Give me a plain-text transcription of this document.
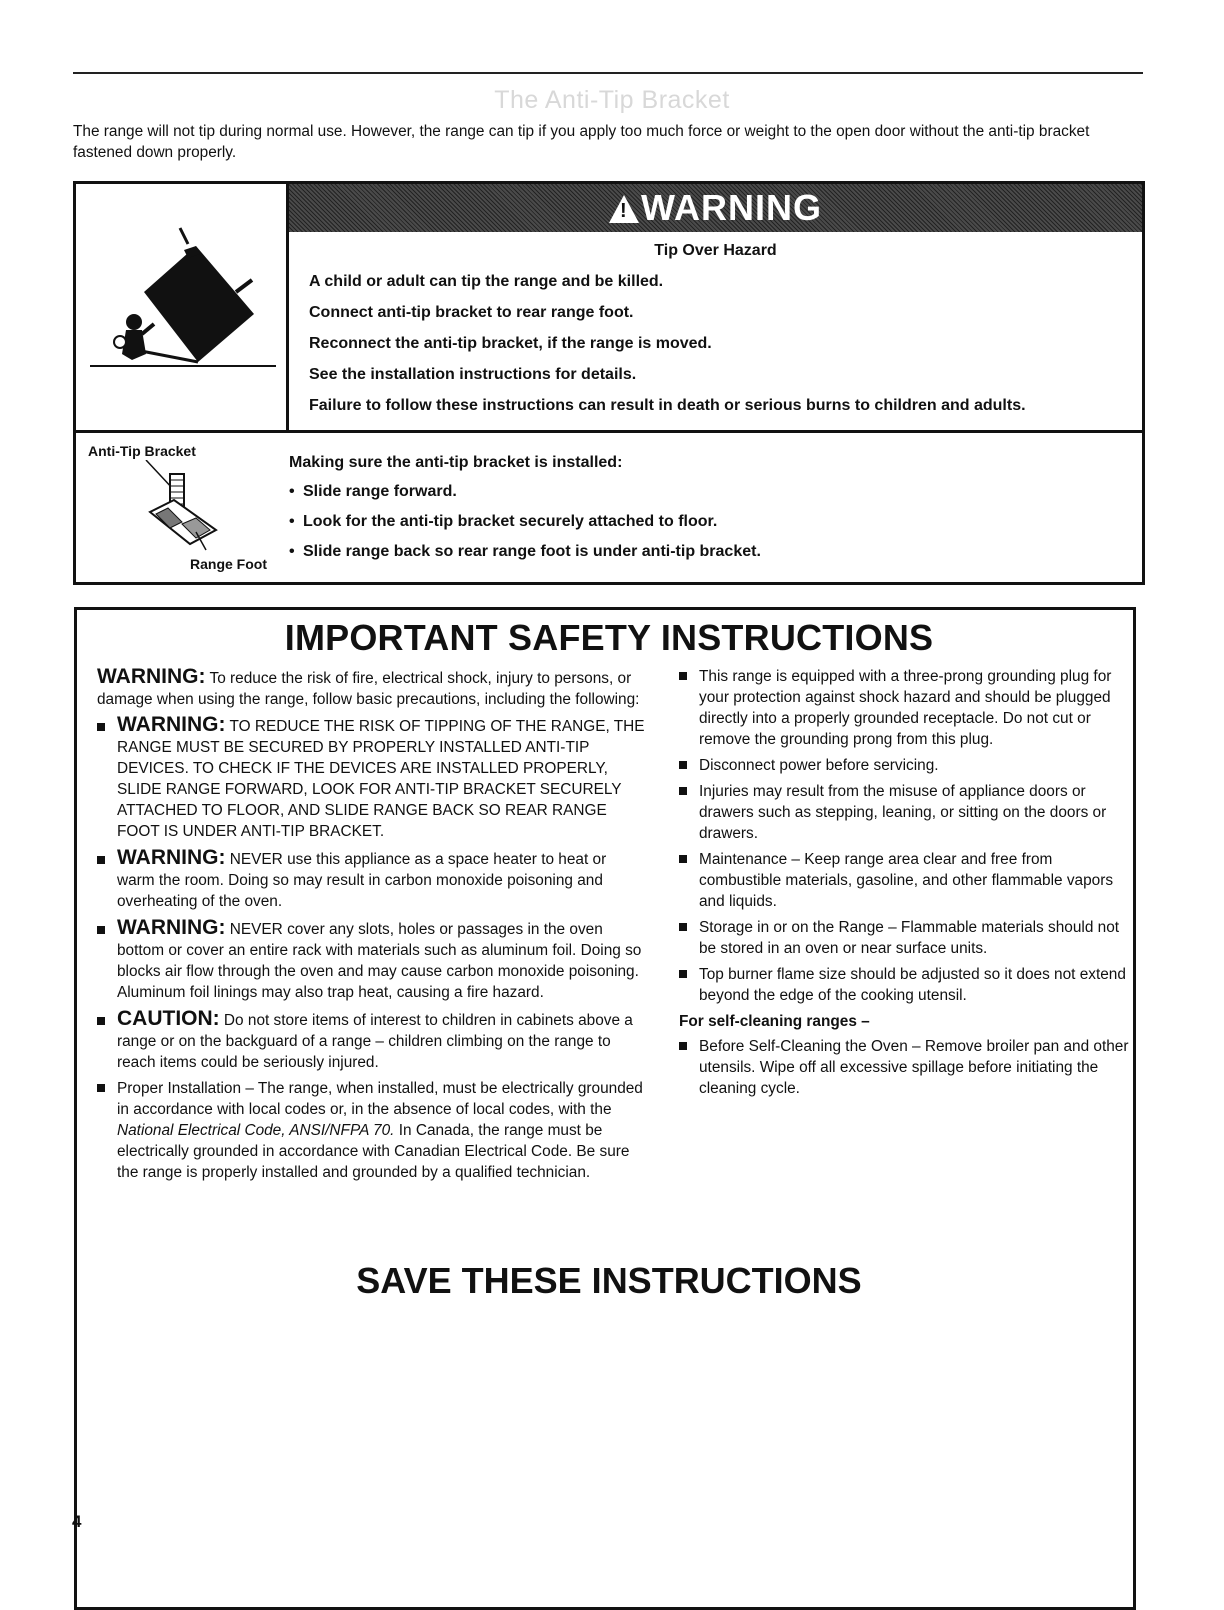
The Anti-Tip Bracket
The range will not tip during normal use. However, the range can tip if you apply too much force or weight to the open door without the anti-tip bracket fastened down properly.
!WARNING
Tip Over Hazard
A child or adult can tip the range and be killed.
Connect anti-tip bracket to rear range foot.
Reconnect the anti-tip bracket, if the range is moved.
See the installation instructions for details.
Failure to follow these instructions can result in death or serious burns to children and adults.
Anti-Tip Bracket
Range Foot
Making sure the anti-tip bracket is installed:
• Slide range forward.
• Look for the anti-tip bracket securely attached to floor.
• Slide range back so rear range foot is under anti-tip bracket.
IMPORTANT SAFETY INSTRUCTIONS
WARNING: To reduce the risk of fire, electrical shock, injury to persons, or damage when using the range, follow basic precautions, including the following:
WARNING: TO REDUCE THE RISK OF TIPPING OF THE RANGE, THE RANGE MUST BE SECURED BY PROPERLY INSTALLED ANTI-TIP DEVICES. TO CHECK IF THE DEVICES ARE INSTALLED PROPERLY, SLIDE RANGE FORWARD, LOOK FOR ANTI-TIP BRACKET SECURELY ATTACHED TO FLOOR, AND SLIDE RANGE BACK SO REAR RANGE FOOT IS UNDER ANTI-TIP BRACKET.
WARNING: NEVER use this appliance as a space heater to heat or warm the room. Doing so may result in carbon monoxide poisoning and overheating of the oven.
WARNING: NEVER cover any slots, holes or passages in the oven bottom or cover an entire rack with materials such as aluminum foil. Doing so blocks air flow through the oven and may cause carbon monoxide poisoning. Aluminum foil linings may also trap heat, causing a fire hazard.
CAUTION: Do not store items of interest to children in cabinets above a range or on the backguard of a range – children climbing on the range to reach items could be seriously injured.
Proper Installation – The range, when installed, must be electrically grounded in accordance with local codes or, in the absence of local codes, with the National Electrical Code, ANSI/NFPA 70. In Canada, the range must be electrically grounded in accordance with Canadian Electrical Code. Be sure the range is properly installed and grounded by a qualified technician.
This range is equipped with a three-prong grounding plug for your protection against shock hazard and should be plugged directly into a properly grounded receptacle. Do not cut or remove the grounding prong from this plug.
Disconnect power before servicing.
Injuries may result from the misuse of appliance doors or drawers such as stepping, leaning, or sitting on the doors or drawers.
Maintenance – Keep range area clear and free from combustible materials, gasoline, and other flammable vapors and liquids.
Storage in or on the Range – Flammable materials should not be stored in an oven or near surface units.
Top burner flame size should be adjusted so it does not extend beyond the edge of the cooking utensil.
For self-cleaning ranges –
Before Self-Cleaning the Oven – Remove broiler pan and other utensils. Wipe off all excessive spillage before initiating the cleaning cycle.
SAVE THESE INSTRUCTIONS
4
